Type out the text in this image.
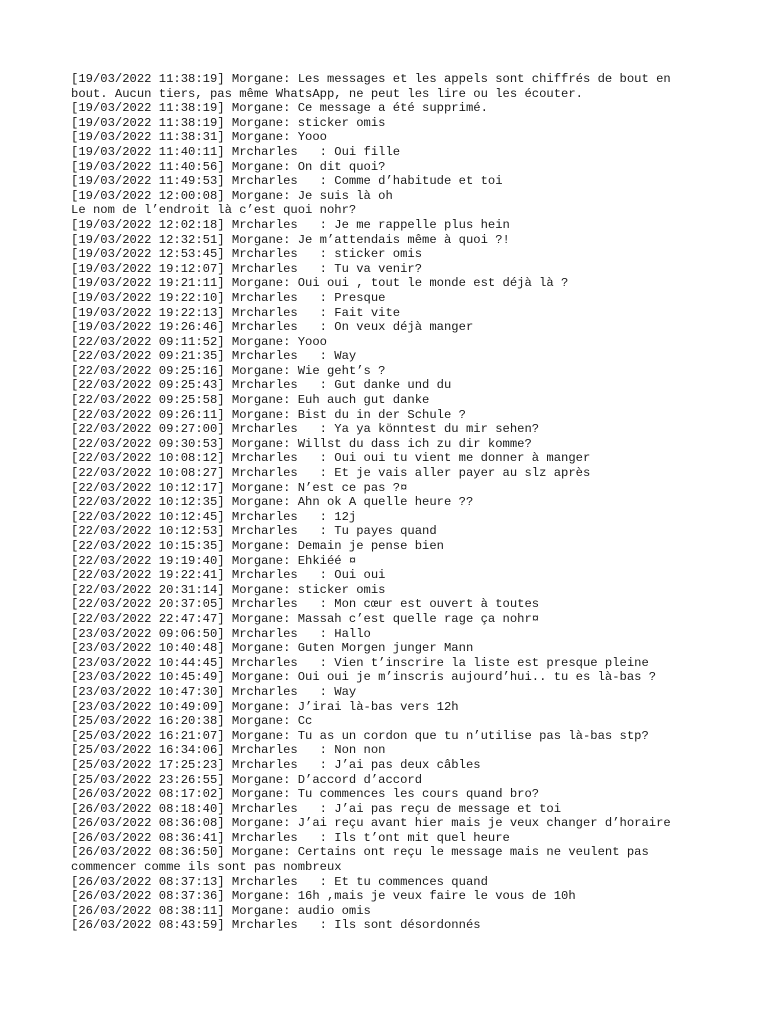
[19/03/2022 11:38:19] Morgane: Les messages et les appels sont chiffrés de bout en
bout. Aucun tiers, pas même WhatsApp, ne peut les lire ou les écouter.
[19/03/2022 11:38:19] Morgane: Ce message a été supprimé.
[19/03/2022 11:38:19] Morgane: sticker omis
[19/03/2022 11:38:31] Morgane: Yooo
[19/03/2022 11:40:11] Mrcharles   : Oui fille
[19/03/2022 11:40:56] Morgane: On dit quoi?
[19/03/2022 11:49:53] Mrcharles   : Comme d’habitude et toi
[19/03/2022 12:00:08] Morgane: Je suis là oh
Le nom de l’endroit là c’est quoi nohr?
[19/03/2022 12:02:18] Mrcharles   : Je me rappelle plus hein
[19/03/2022 12:32:51] Morgane: Je m’attendais même à quoi ?!
[19/03/2022 12:53:45] Mrcharles   : sticker omis
[19/03/2022 19:12:07] Mrcharles   : Tu va venir?
[19/03/2022 19:21:11] Morgane: Oui oui , tout le monde est déjà là ?
[19/03/2022 19:22:10] Mrcharles   : Presque
[19/03/2022 19:22:13] Mrcharles   : Fait vite
[19/03/2022 19:26:46] Mrcharles   : On veux déjà manger
[22/03/2022 09:11:52] Morgane: Yooo
[22/03/2022 09:21:35] Mrcharles   : Way
[22/03/2022 09:25:16] Morgane: Wie geht’s ?
[22/03/2022 09:25:43] Mrcharles   : Gut danke und du
[22/03/2022 09:25:58] Morgane: Euh auch gut danke
[22/03/2022 09:26:11] Morgane: Bist du in der Schule ?
[22/03/2022 09:27:00] Mrcharles   : Ya ya könntest du mir sehen?
[22/03/2022 09:30:53] Morgane: Willst du dass ich zu dir komme?
[22/03/2022 10:08:12] Mrcharles   : Oui oui tu vient me donner à manger
[22/03/2022 10:08:27] Mrcharles   : Et je vais aller payer au slz après
[22/03/2022 10:12:17] Morgane: N’est ce pas ?¤
[22/03/2022 10:12:35] Morgane: Ahn ok A quelle heure ??
[22/03/2022 10:12:45] Mrcharles   : 12j
[22/03/2022 10:12:53] Mrcharles   : Tu payes quand
[22/03/2022 10:15:35] Morgane: Demain je pense bien
[22/03/2022 19:19:40] Morgane: Ehkiéé ¤
[22/03/2022 19:22:41] Mrcharles   : Oui oui
[22/03/2022 20:31:14] Morgane: sticker omis
[22/03/2022 20:37:05] Mrcharles   : Mon cœur est ouvert à toutes
[22/03/2022 22:47:47] Morgane: Massah c’est quelle rage ça nohr¤
[23/03/2022 09:06:50] Mrcharles   : Hallo
[23/03/2022 10:40:48] Morgane: Guten Morgen junger Mann
[23/03/2022 10:44:45] Mrcharles   : Vien t’inscrire la liste est presque pleine
[23/03/2022 10:45:49] Morgane: Oui oui je m’inscris aujourd’hui.. tu es là-bas ?
[23/03/2022 10:47:30] Mrcharles   : Way
[23/03/2022 10:49:09] Morgane: J’irai là-bas vers 12h
[25/03/2022 16:20:38] Morgane: Cc
[25/03/2022 16:21:07] Morgane: Tu as un cordon que tu n’utilise pas là-bas stp?
[25/03/2022 16:34:06] Mrcharles   : Non non
[25/03/2022 17:25:23] Mrcharles   : J’ai pas deux câbles
[25/03/2022 23:26:55] Morgane: D’accord d’accord
[26/03/2022 08:17:02] Morgane: Tu commences les cours quand bro?
[26/03/2022 08:18:40] Mrcharles   : J’ai pas reçu de message et toi
[26/03/2022 08:36:08] Morgane: J’ai reçu avant hier mais je veux changer d’horaire
[26/03/2022 08:36:41] Mrcharles   : Ils t’ont mit quel heure
[26/03/2022 08:36:50] Morgane: Certains ont reçu le message mais ne veulent pas
commencer comme ils sont pas nombreux
[26/03/2022 08:37:13] Mrcharles   : Et tu commences quand
[26/03/2022 08:37:36] Morgane: 16h ,mais je veux faire le vous de 10h
[26/03/2022 08:38:11] Morgane: audio omis
[26/03/2022 08:43:59] Mrcharles   : Ils sont désordonnés
